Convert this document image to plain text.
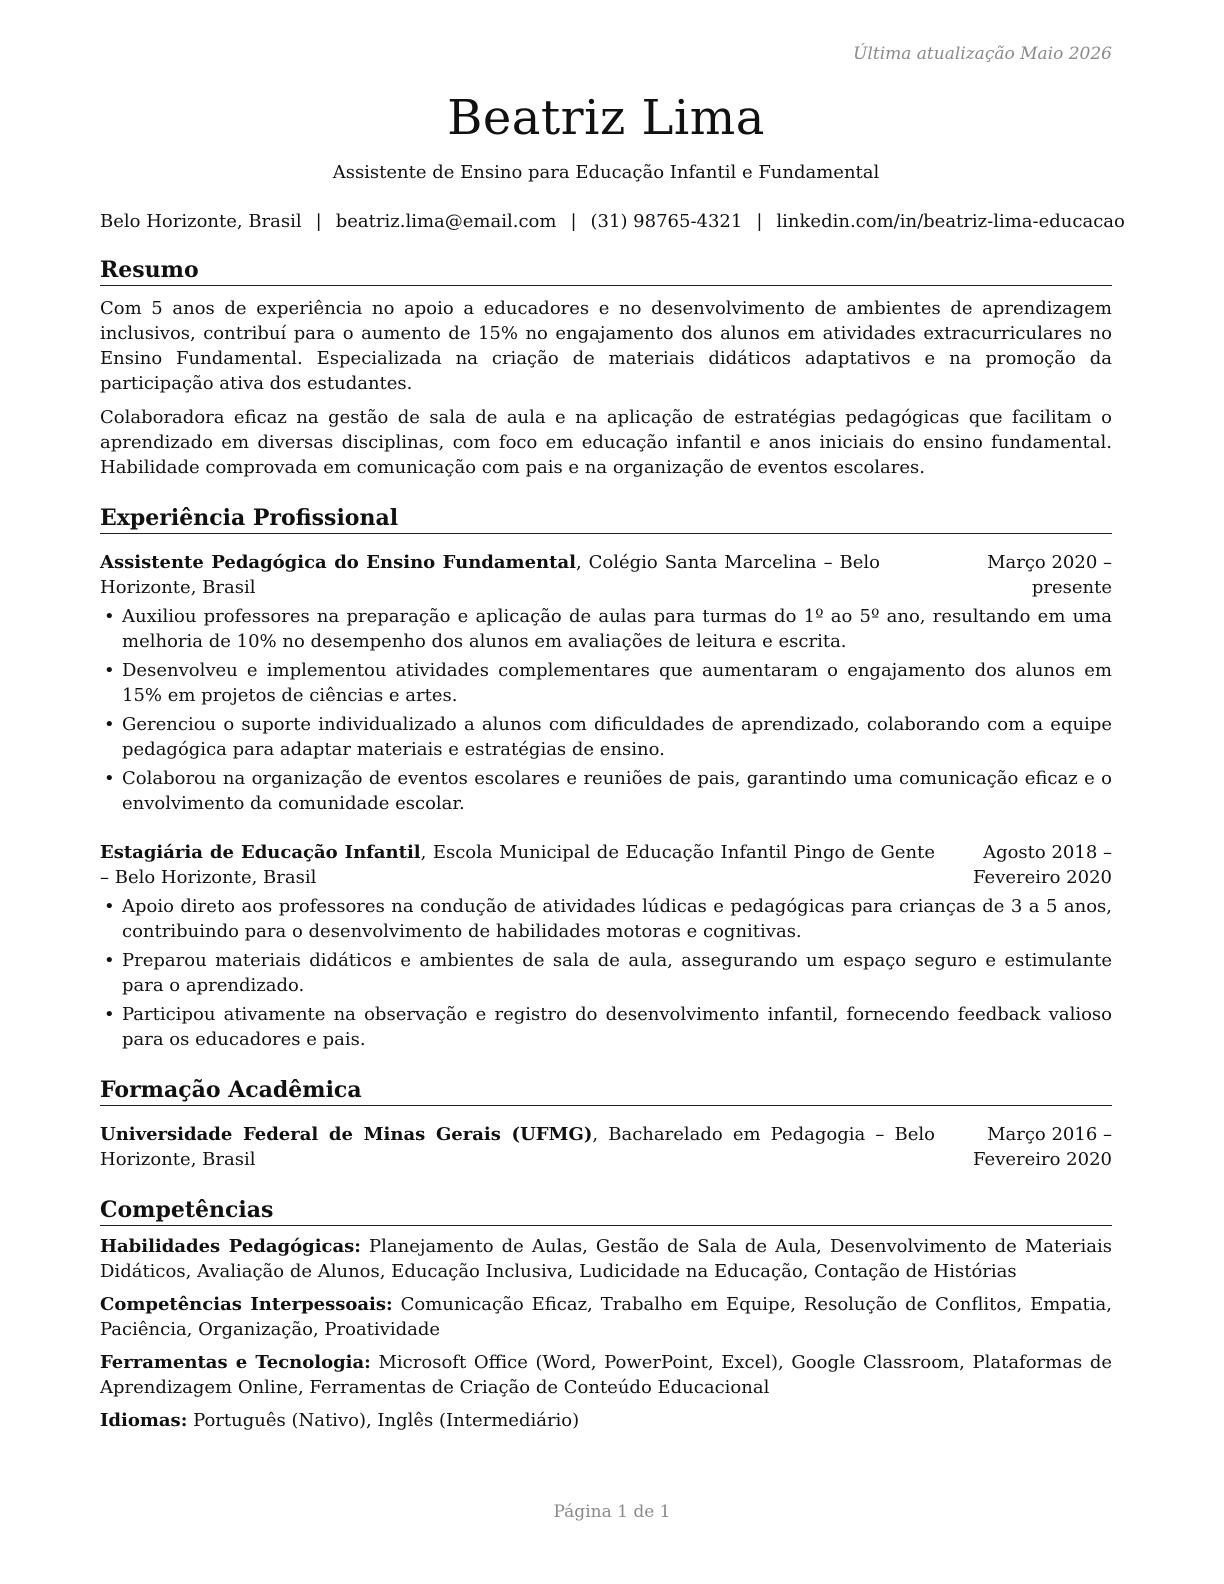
Última atualização Maio 2026
Beatriz Lima
Assistente de Ensino para Educação Infantil e Fundamental
Belo Horizonte, Brasil | beatriz.lima@email.com | (31) 98765-4321 | linkedin.com/in/beatriz-lima-educacao
Resumo
Com 5 anos de experiência no apoio a educadores e no desenvolvimento de ambientes de aprendizagem inclusivos, contribuí para o aumento de 15% no engajamento dos alunos em atividades extracurriculares no Ensino Fundamental. Especializada na criação de materiais didáticos adaptativos e na promoção da participação ativa dos estudantes.
Colaboradora eficaz na gestão de sala de aula e na aplicação de estratégias pedagógicas que facilitam o aprendizado em diversas disciplinas, com foco em educação infantil e anos iniciais do ensino fundamental. Habilidade comprovada em comunicação com pais e na organização de eventos escolares.
Experiência Profissional
Assistente Pedagógica do Ensino Fundamental, Colégio Santa Marcelina – Belo Horizonte, Brasil
Março 2020 – presente
• Auxiliou professores na preparação e aplicação de aulas para turmas do 1º ao 5º ano, resultando em uma melhoria de 10% no desempenho dos alunos em avaliações de leitura e escrita.
• Desenvolveu e implementou atividades complementares que aumentaram o engajamento dos alunos em 15% em projetos de ciências e artes.
• Gerenciou o suporte individualizado a alunos com dificuldades de aprendizado, colaborando com a equipe pedagógica para adaptar materiais e estratégias de ensino.
• Colaborou na organização de eventos escolares e reuniões de pais, garantindo uma comunicação eficaz e o envolvimento da comunidade escolar.
Estagiária de Educação Infantil, Escola Municipal de Educação Infantil Pingo de Gente – Belo Horizonte, Brasil
Agosto 2018 – Fevereiro 2020
• Apoio direto aos professores na condução de atividades lúdicas e pedagógicas para crianças de 3 a 5 anos, contribuindo para o desenvolvimento de habilidades motoras e cognitivas.
• Preparou materiais didáticos e ambientes de sala de aula, assegurando um espaço seguro e estimulante para o aprendizado.
• Participou ativamente na observação e registro do desenvolvimento infantil, fornecendo feedback valioso para os educadores e pais.
Formação Acadêmica
Universidade Federal de Minas Gerais (UFMG), Bacharelado em Pedagogia – Belo Horizonte, Brasil
Março 2016 – Fevereiro 2020
Competências
Habilidades Pedagógicas: Planejamento de Aulas, Gestão de Sala de Aula, Desenvolvimento de Materiais Didáticos, Avaliação de Alunos, Educação Inclusiva, Ludicidade na Educação, Contação de Histórias
Competências Interpessoais: Comunicação Eficaz, Trabalho em Equipe, Resolução de Conflitos, Empatia, Paciência, Organização, Proatividade
Ferramentas e Tecnologia: Microsoft Office (Word, PowerPoint, Excel), Google Classroom, Plataformas de Aprendizagem Online, Ferramentas de Criação de Conteúdo Educacional
Idiomas: Português (Nativo), Inglês (Intermediário)
Página 1 de 1
